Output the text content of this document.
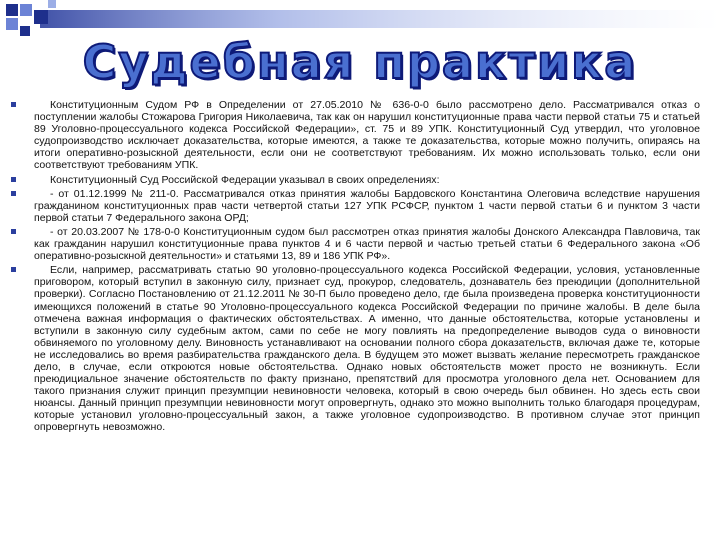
Судебная практика
Конституционным Судом РФ в Определении от 27.05.2010 № 636-0-0 было рассмотрено дело. Рассматривался отказ о поступлении жалобы Стожарова Григория Николаевича, так как он нарушил конституционные права части первой статьи 75 и статьей 89 Уголовно-процессуального кодекса Российской Федерации», ст. 75 и 89 УПК. Конституционный Суд утвердил, что уголовное судопроизводство исключает доказательства, которые имеются, а также те доказательства, которые можно получить, опираясь на итоги оперативно-розыскной деятельности, если они не соответствуют требованиям. Их можно использовать только, если они соответствуют требованиям УПК.
Конституционный Суд Российской Федерации указывал в своих определениях:
- от 01.12.1999 № 211-0. Рассматривался отказ принятия жалобы Бардовского Константина Олеговича вследствие нарушения гражданином конституционных прав части четвертой статьи 127 УПК РСФСР, пунктом 1 части первой статьи 6 и пунктом 3 части первой статьи 7 Федерального закона ОРД;
- от 20.03.2007 № 178-0-0 Конституционным судом был рассмотрен отказ принятия жалобы Донского Александра Павловича, так как гражданин нарушил конституционные права пунктов 4 и 6 части первой и частью третьей статьи 6 Федерального закона «Об оперативно-розыскной деятельности» и статьями 13, 89 и 186 УПК РФ».
Если, например, рассматривать статью 90 уголовно-процессуального кодекса Российской Федерации, условия, установленные приговором, который вступил в законную силу, признает суд, прокурор, следователь, дознаватель без преюдиции (дополнительной проверки). Согласно Постановлению от 21.12.2011 № 30-П было проведено дело, где была произведена проверка конституционности имеющихся положений в статье 90 Уголовно-процессуального кодекса Российской Федерации по причине жалобы. В деле была отмечена важная информация о фактических обстоятельствах. А именно, что данные обстоятельства, которые установлены и вступили в законную силу судебным актом, сами по себе не могу повлиять на предопределение выводов суда о виновности обвиняемого по уголовному делу. Виновность устанавливают на основании полного сбора доказательств, включая даже те, которые не исследовались во время разбирательства гражданского дела. В будущем это может вызвать желание пересмотреть гражданское дело, в случае, если откроются новые обстоятельства. Однако новых обстоятельств может просто не возникнуть. Если преюдициальное значение обстоятельств по факту признано, препятствий для просмотра уголовного дела нет. Основанием для такого признания служит принцип презумпции невиновности человека, который в свою очередь был обвинен. Но здесь есть свои нюансы. Данный принцип презумпции невиновности могут опровергнуть, однако это можно выполнить только благодаря процедурам, которые установил уголовно-процессуальный закон, а также уголовное судопроизводство. В противном случае этот принцип опровергнуть невозможно.
